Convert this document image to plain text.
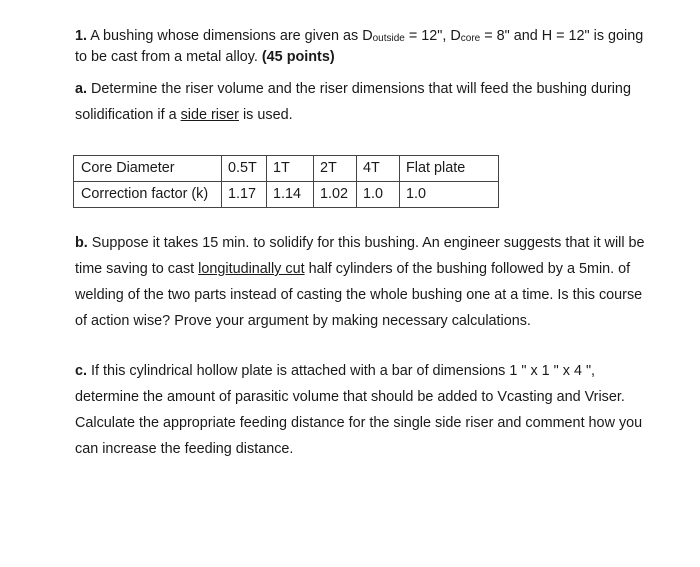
1. A bushing whose dimensions are given as $D_{outside} = 12$", $D_{core} = 8$" and H = 12" is going to be cast from a metal alloy. (45 points)
a. Determine the riser volume and the riser dimensions that will feed the bushing during solidification if a side riser is used.
Core Diameter	0.5T	1T	2T	4T	Flat plate
Correction factor (k)	1.17	1.14	1.02	1.0	1.0
b. Suppose it takes 15 min. to solidify for this bushing. An engineer suggests that it will be time saving to cast longitudinally cut half cylinders of the bushing followed by a 5min. of welding of the two parts instead of casting the whole bushing one at a time. Is this course of action wise? Prove your argument by making necessary calculations.
c. If this cylindrical hollow plate is attached with a bar of dimensions 1 " x 1 " x 4 ", determine the amount of parasitic volume that should be added to Vcasting and Vriser. Calculate the appropriate feeding distance for the single side riser and comment how you can increase the feeding distance.
